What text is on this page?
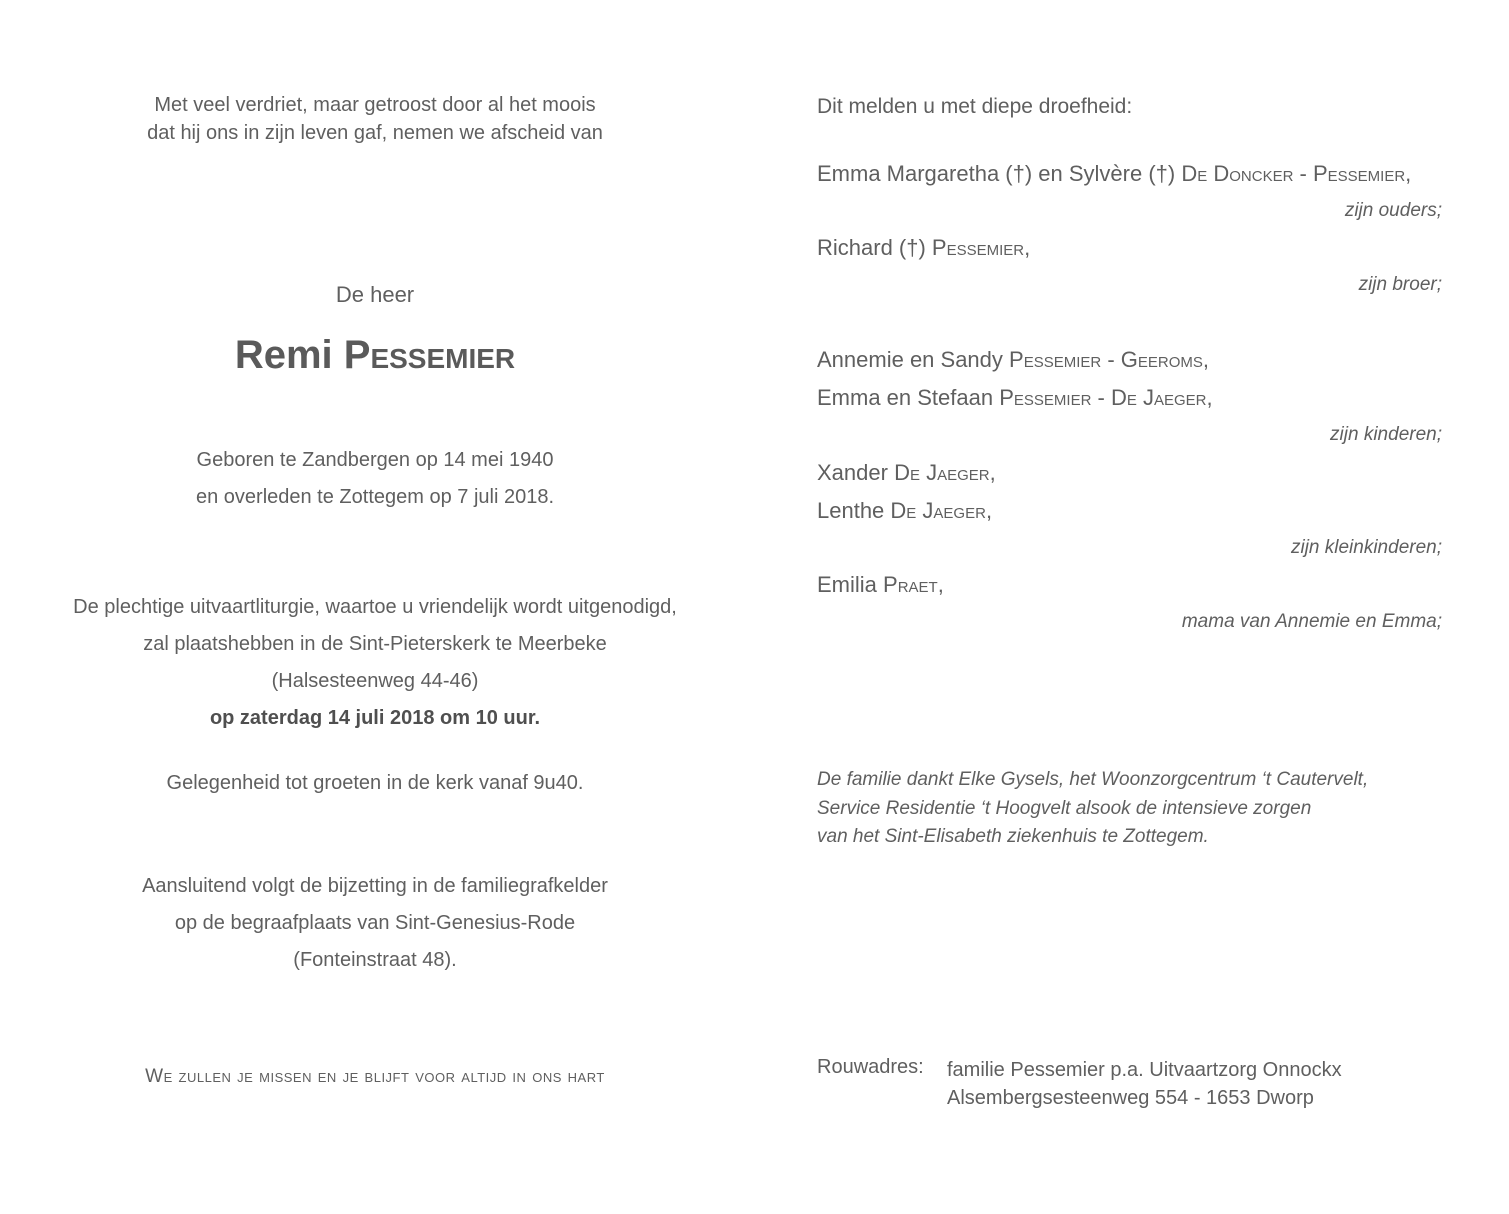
Met veel verdriet, maar getroost door al het moois
dat hij ons in zijn leven gaf, nemen we afscheid van
De heer
Remi Pessemier
Geboren te Zandbergen op 14 mei 1940
en overleden te Zottegem op 7 juli 2018.
De plechtige uitvaartliturgie, waartoe u vriendelijk wordt uitgenodigd,
zal plaatshebben in de Sint-Pieterskerk te Meerbeke
(Halsesteenweg 44-46)
op zaterdag 14 juli 2018 om 10 uur.
Gelegenheid tot groeten in de kerk vanaf 9u40.
Aansluitend volgt de bijzetting in de familiegrafkelder
op de begraafplaats van Sint-Genesius-Rode
(Fonteinstraat 48).
We zullen je missen en je blijft voor altijd in ons hart
Dit melden u met diepe droefheid:
Emma Margaretha (†) en Sylvère (†) De Doncker - Pessemier,
zijn ouders;
Richard (†) Pessemier,
zijn broer;
Annemie en Sandy Pessemier - Geeroms,
Emma en Stefaan Pessemier - De Jaeger,
zijn kinderen;
Xander De Jaeger,
Lenthe De Jaeger,
zijn kleinkinderen;
Emilia Praet,
mama van Annemie en Emma;
De familie dankt Elke Gysels, het Woonzorgcentrum ‘t Cautervelt,
Service Residentie ‘t Hoogvelt alsook de intensieve zorgen
van het Sint-Elisabeth ziekenhuis te Zottegem.
Rouwadres: familie Pessemier p.a. Uitvaartzorg Onnockx
Alsembergsesteenweg 554 - 1653 Dworp
